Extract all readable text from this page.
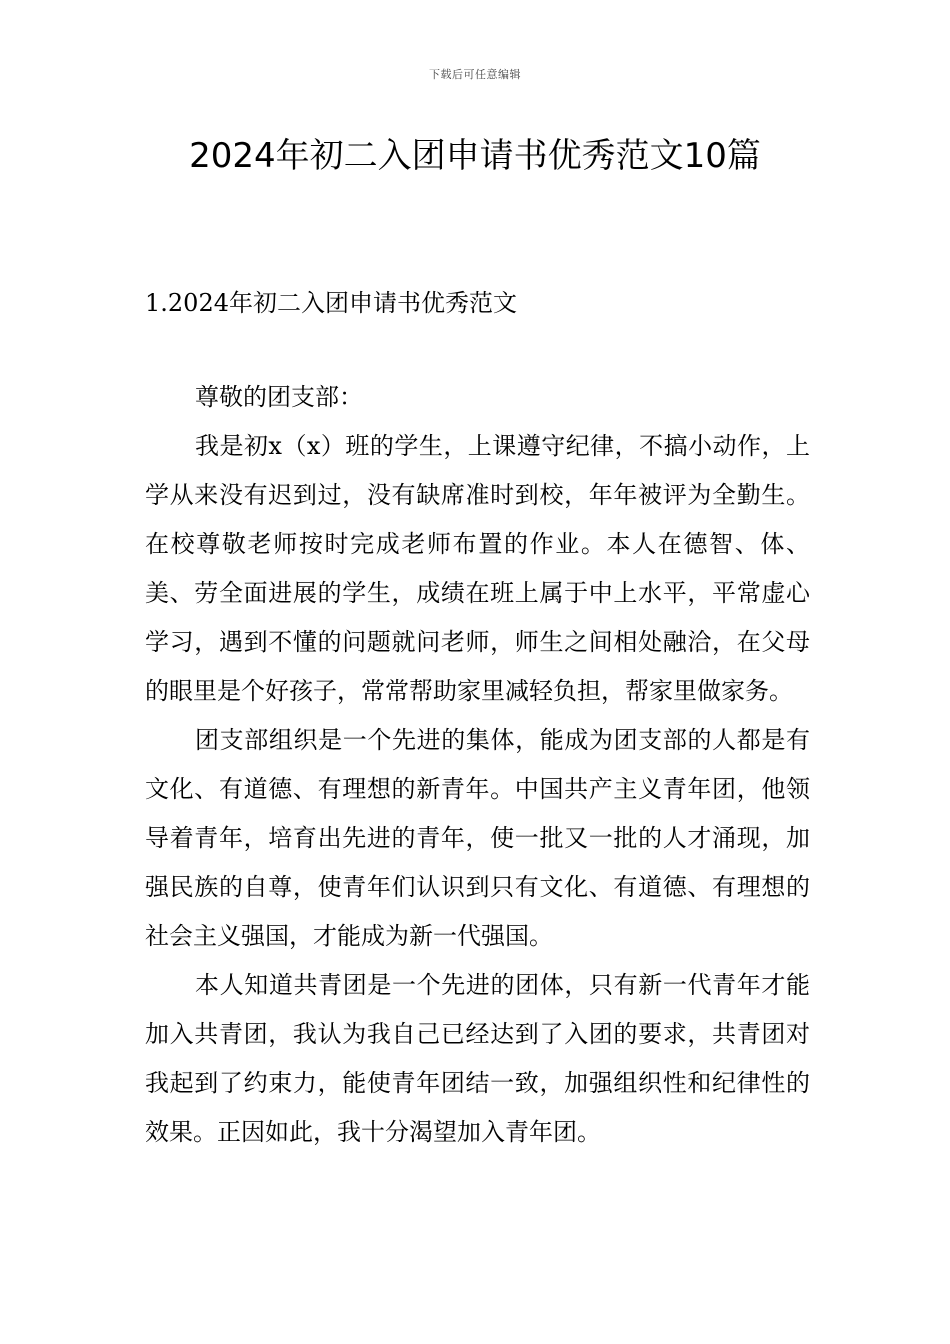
下载后可任意编辑
2024年初二入团申请书优秀范文10篇
1.2024年初二入团申请书优秀范文

尊敬的团支部：

我是初x（x）班的学生，上课遵守纪律，不搞小动作，上学从来没有迟到过，没有缺席准时到校，年年被评为全勤生。在校尊敬老师按时完成老师布置的作业。本人在德智、体、美、劳全面进展的学生，成绩在班上属于中上水平，平常虚心学习，遇到不懂的问题就问老师，师生之间相处融洽，在父母的眼里是个好孩子，常常帮助家里减轻负担，帮家里做家务。

团支部组织是一个先进的集体，能成为团支部的人都是有文化、有道德、有理想的新青年。中国共产主义青年团，他领导着青年，培育出先进的青年，使一批又一批的人才涌现，加强民族的自尊，使青年们认识到只有文化、有道德、有理想的社会主义强国，才能成为新一代强国。

本人知道共青团是一个先进的团体，只有新一代青年才能加入共青团，我认为我自己已经达到了入团的要求，共青团对我起到了约束力，能使青年团结一致，加强组织性和纪律性的效果。正因如此，我十分渴望加入青年团。
